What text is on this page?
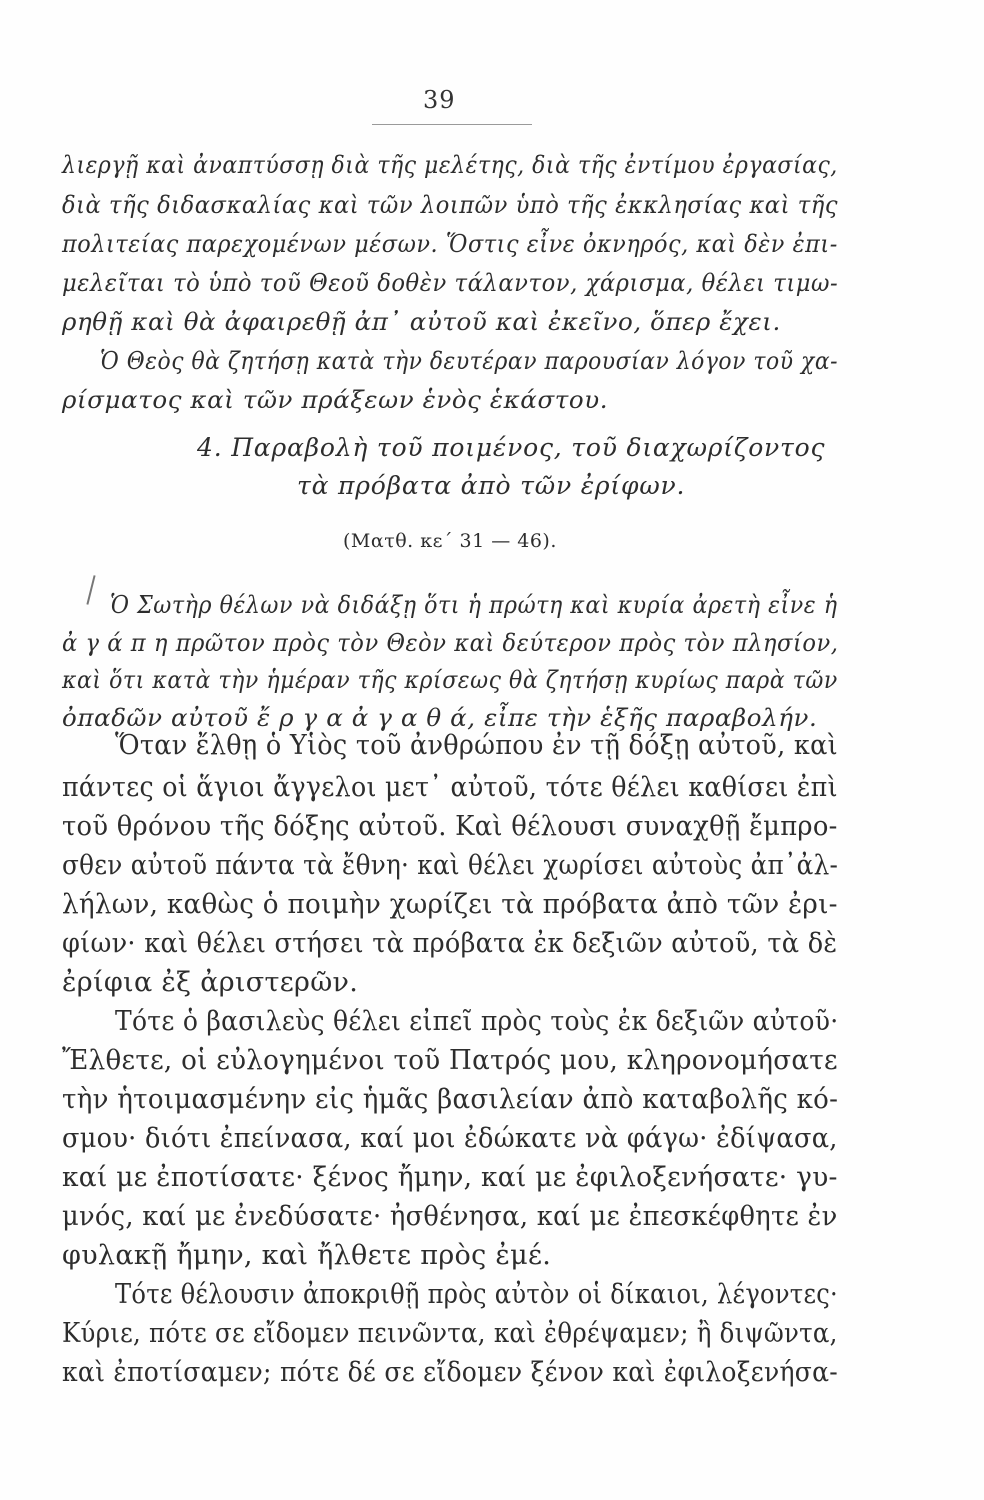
39
λιεργῇ καὶ ἀναπτύσσῃ διὰ τῆς μελέτης, διὰ τῆς ἐντίμου ἐργασίας,
διὰ τῆς διδασκαλίας καὶ τῶν λοιπῶν ὑπὸ τῆς ἐκκλησίας καὶ τῆς
πολιτείας παρεχομένων μέσων. Ὅστις εἶνε ὀκνηρός, καὶ δὲν ἐπι-
μελεῖται τὸ ὑπὸ τοῦ Θεοῦ δοθὲν τάλαντον, χάρισμα, θέλει τιμω-
ρηθῇ καὶ θὰ ἀφαιρεθῇ ἀπ᾽ αὐτοῦ καὶ ἐκεῖνο, ὅπερ ἔχει.
Ὁ Θεὸς θὰ ζητήσῃ κατὰ τὴν δευτέραν παρουσίαν λόγον τοῦ χα-
ρίσματος καὶ τῶν πράξεων ἑνὸς ἑκάστου.
4. Παραβολὴ τοῦ ποιμένος, τοῦ διαχωρίζοντος
τὰ πρόβατα ἀπὸ τῶν ἐρίφων.
(Ματθ. κε΄ 31 — 46).
Ὁ Σωτὴρ θέλων νὰ διδάξῃ ὅτι ἡ πρώτη καὶ κυρία ἀρετὴ εἶνε ἡ
ἀ γ ά π η πρῶτον πρὸς τὸν Θεὸν καὶ δεύτερον πρὸς τὸν πλησίον,
καὶ ὅτι κατὰ τὴν ἡμέραν τῆς κρίσεως θὰ ζητήσῃ κυρίως παρὰ τῶν
ὀπαδῶν αὐτοῦ ἔ ρ γ α ἀ γ α θ ά, εἶπε τὴν ἑξῆς παραβολήν.
Ὅταν ἔλθῃ ὁ Υἱὸς τοῦ ἀνθρώπου ἐν τῇ δόξῃ αὐτοῦ, καὶ
πάντες οἱ ἅγιοι ἄγγελοι μετ᾽ αὐτοῦ, τότε θέλει καθίσει ἐπὶ
τοῦ θρόνου τῆς δόξης αὐτοῦ. Καὶ θέλουσι συναχθῇ ἔμπρο-
σθεν αὐτοῦ πάντα τὰ ἔθνη· καὶ θέλει χωρίσει αὐτοὺς ἀπ᾽ἀλ-
λήλων, καθὼς ὁ ποιμὴν χωρίζει τὰ πρόβατα ἀπὸ τῶν ἐρι-
φίων· καὶ θέλει στήσει τὰ πρόβατα ἐκ δεξιῶν αὐτοῦ, τὰ δὲ
ἐρίφια ἐξ ἀριστερῶν.
Τότε ὁ βασιλεὺς θέλει εἰπεῖ πρὸς τοὺς ἐκ δεξιῶν αὐτοῦ·
Ἔλθετε, οἱ εὐλογημένοι τοῦ Πατρός μου, κληρονομήσατε
τὴν ἡτοιμασμένην εἰς ἡμᾶς βασιλείαν ἀπὸ καταβολῆς κό-
σμου· διότι ἐπείνασα, καί μοι ἐδώκατε νὰ φάγω· ἐδίψασα,
καί με ἐποτίσατε· ξένος ἤμην, καί με ἐφιλοξενήσατε· γυ-
μνός, καί με ἐνεδύσατε· ἠσθένησα, καί με ἐπεσκέφθητε ἐν
φυλακῇ ἤμην, καὶ ἤλθετε πρὸς ἐμέ.
Τότε θέλουσιν ἀποκριθῇ πρὸς αὐτὸν οἱ δίκαιοι, λέγοντες·
Κύριε, πότε σε εἴδομεν πεινῶντα, καὶ ἐθρέψαμεν; ἢ διψῶντα,
καὶ ἐποτίσαμεν; πότε δέ σε εἴδομεν ξένον καὶ ἐφιλοξενήσα-
